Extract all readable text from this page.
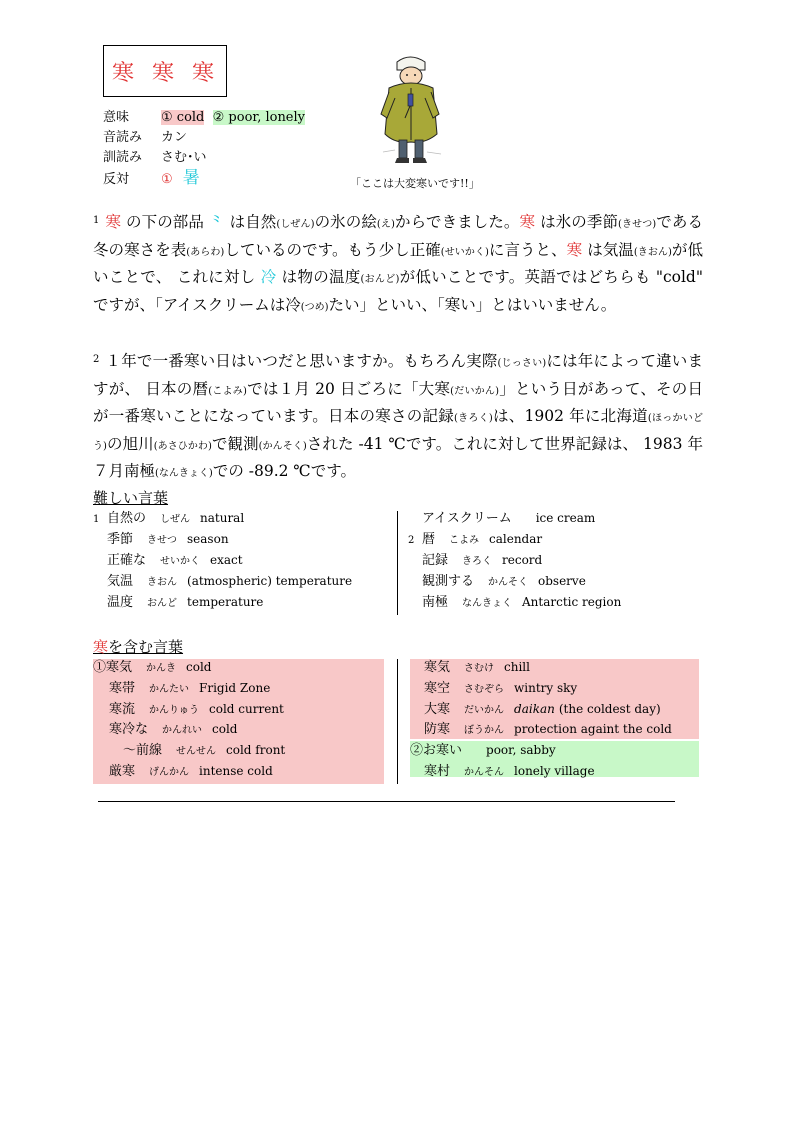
寒 寒 寒
意味 ① cold ② poor, lonely
音読み カン
訓読み さむ･い
反対 ① 暑	「ここは大変寒いです!!」
$^1$ 寒 の下の部品 ⺀ は自然(しぜん)の氷の絵(え)からできました。寒 は氷の季節(きせつ)である冬の寒さを表(あらわ)しているのです。もう少し正確(せいかく)に言うと、寒 は気温(きおん)が低いことで、 これに対し 冷 は物の温度(おんど)が低いことです。英語ではどちらも "cold" ですが、「アイスクリームは冷(つめ)たい」といい、「寒い」とはいいません。
$^2$ １年で一番寒い日はいつだと思いますか。もちろん実際(じっさい)には年によって違いますが、 日本の暦(こよみ)では１月 20 日ごろに「大寒(だいかん)」という日があって、その日が一番寒いことになっています。日本の寒さの記録(きろく)は、1902 年に北海道(ほっかいどう)の旭川(あさひかわ)で観測(かんそく)された -41 ℃です。これに対して世界記録は、 1983 年７月南極(なんきょく)での -89.2 ℃です。
難しい言葉
1 自然の しぜん natural
季節 きせつ season
正確な せいかく exact
気温 きおん (atmospheric) temperature
温度 おんど temperature
アイスクリーム ice cream
2 暦 こよみ calendar
記録 きろく record
観測する かんそく observe
南極 なんきょく Antarctic region
寒を含む言葉
①寒気 かんき cold
寒帯 かんたい Frigid Zone
寒流 かんりゅう cold current
寒冷な かんれい cold
～前線 せんせん cold front
厳寒 げんかん intense cold
寒気 さむけ chill
寒空 さむぞら wintry sky
大寒 だいかん daikan (the coldest day)
防寒 ぼうかん protection againt the cold
②お寒い poor, sabby
寒村 かんそん lonely village
